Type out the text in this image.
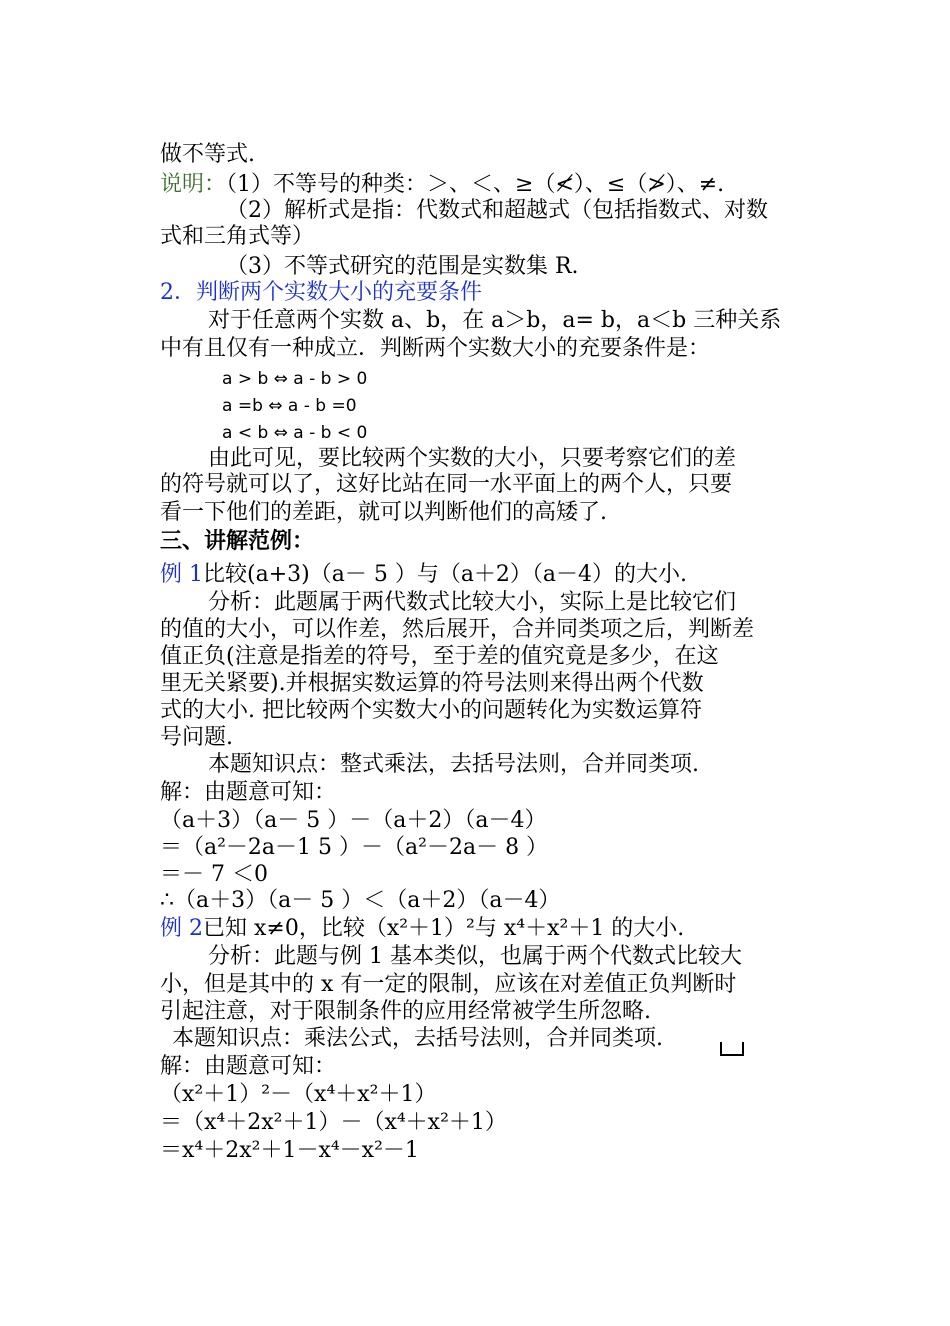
做不等式.
说明：（1）不等号的种类：＞、＜、≥（≮）、≤（≯）、≠.
（2）解析式是指：代数式和超越式（包括指数式、对数
式和三角式等）
（3）不等式研究的范围是实数集 R.
2．判断两个实数大小的充要条件
对于任意两个实数 a、b，在 a＞b，a= b，a＜b 三种关系
中有且仅有一种成立．判断两个实数大小的充要条件是：
a > b ⇔ a - b > 0
a =b ⇔ a - b =0
a < b ⇔ a - b < 0
由此可见，要比较两个实数的大小，只要考察它们的差
的符号就可以了，这好比站在同一水平面上的两个人，只要
看一下他们的差距，就可以判断他们的高矮了.
三、讲解范例：
例 1比较(a+3)（a－ 5 ）与（a＋2）（a－4）的大小.
分析：此题属于两代数式比较大小，实际上是比较它们
的值的大小，可以作差，然后展开，合并同类项之后，判断差
值正负(注意是指差的符号，至于差的值究竟是多少，在这
里无关紧要).并根据实数运算的符号法则来得出两个代数
式的大小. 把比较两个实数大小的问题转化为实数运算符
号问题.
本题知识点：整式乘法，去括号法则，合并同类项.
解：由题意可知：
（a＋3）（a－ 5 ）－（a＋2）（a－4）
＝（a²－2a－1 5 ）－（a²－2a－ 8 ）
＝－ 7 ＜0
∴（a＋3）（a－ 5 ）＜（a＋2）（a－4）
例 2已知 x≠0，比较（x²＋1）²与 x⁴＋x²＋1 的大小.
分析：此题与例 1 基本类似，也属于两个代数式比较大
小，但是其中的 x 有一定的限制，应该在对差值正负判断时
引起注意，对于限制条件的应用经常被学生所忽略.
本题知识点：乘法公式，去括号法则，合并同类项.
解：由题意可知：
（x²＋1）²－（x⁴＋x²＋1）
＝（x⁴＋2x²＋1）－（x⁴＋x²＋1）
＝x⁴＋2x²＋1－x⁴－x²－1
